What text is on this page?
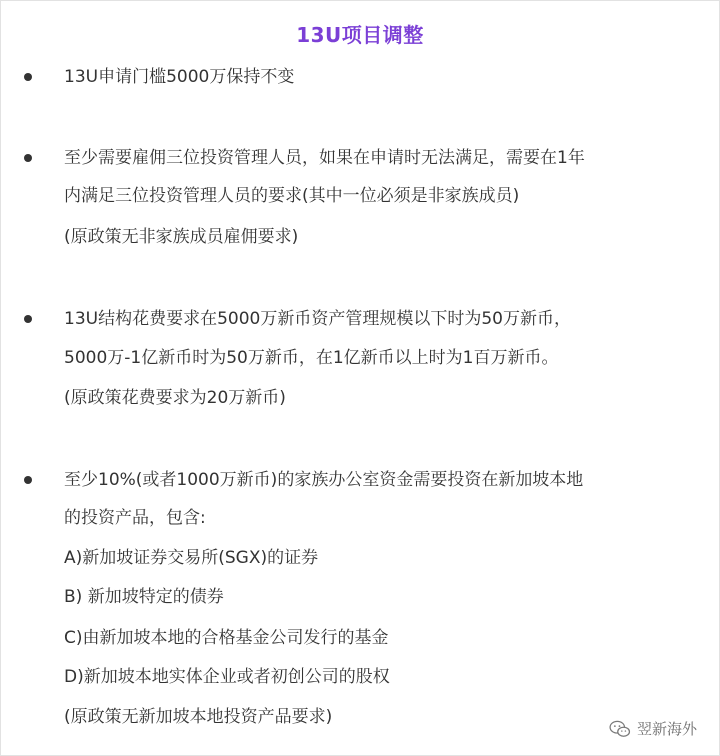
13U项目调整
13U申请门槛5000万保持不变
至少需要雇佣三位投资管理人员，如果在申请时无法满足，需要在1年
内满足三位投资管理人员的要求(其中一位必须是非家族成员)
(原政策无非家族成员雇佣要求)
13U结构花费要求在5000万新币资产管理规模以下时为50万新币，
5000万-1亿新币时为50万新币，在1亿新币以上时为1百万新币。
(原政策花费要求为20万新币)
至少10%(或者1000万新币)的家族办公室资金需要投资在新加坡本地
的投资产品，包含:
A)新加坡证券交易所(SGX)的证券
B) 新加坡特定的债券
C)由新加坡本地的合格基金公司发行的基金
D)新加坡本地实体企业或者初创公司的股权
(原政策无新加坡本地投资产品要求)
翌新海外
